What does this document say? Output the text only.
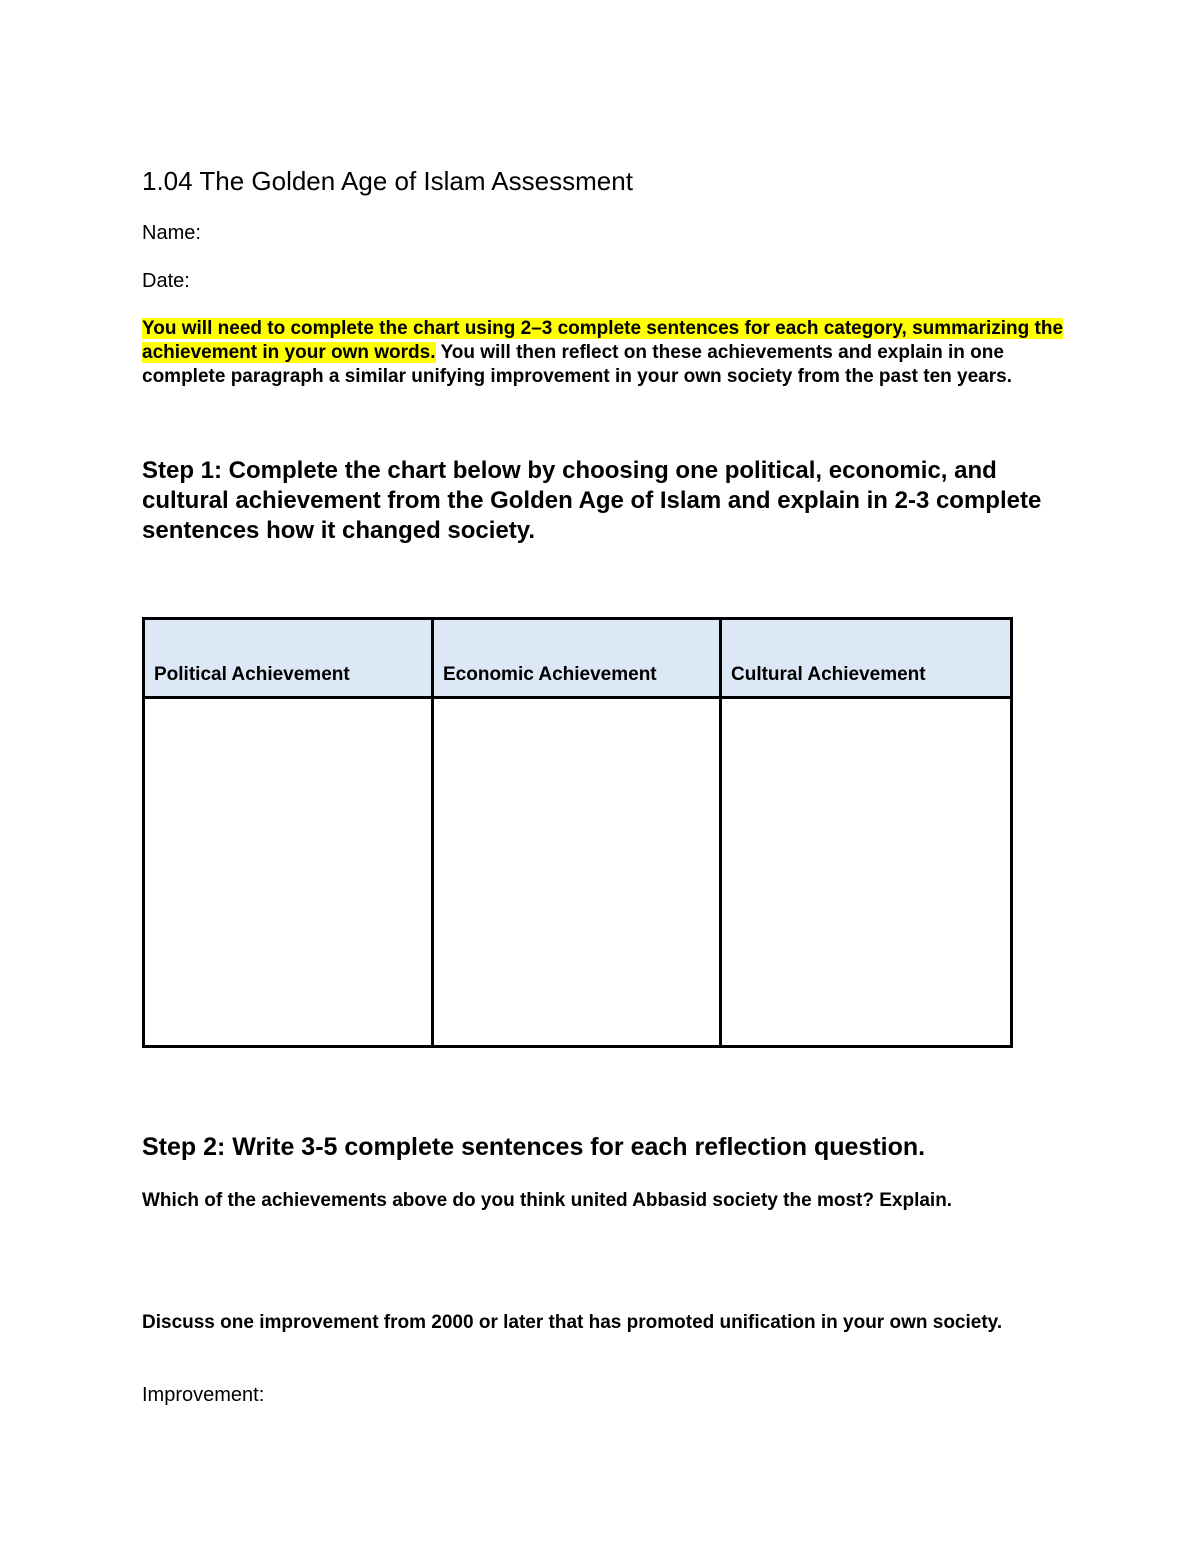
1.04 The Golden Age of Islam Assessment
Name:
Date:
You will need to complete the chart using 2–3 complete sentences for each category, summarizing the achievement in your own words. You will then reflect on these achievements and explain in one complete paragraph a similar unifying improvement in your own society from the past ten years.
Step 1: Complete the chart below by choosing one political, economic, and cultural achievement from the Golden Age of Islam and explain in 2-3 complete sentences how it changed society.
Political Achievement	Economic Achievement	Cultural Achievement

Step 2: Write 3-5 complete sentences for each reflection question.
Which of the achievements above do you think united Abbasid society the most? Explain.
Discuss one improvement from 2000 or later that has promoted unification in your own society.
Improvement:
